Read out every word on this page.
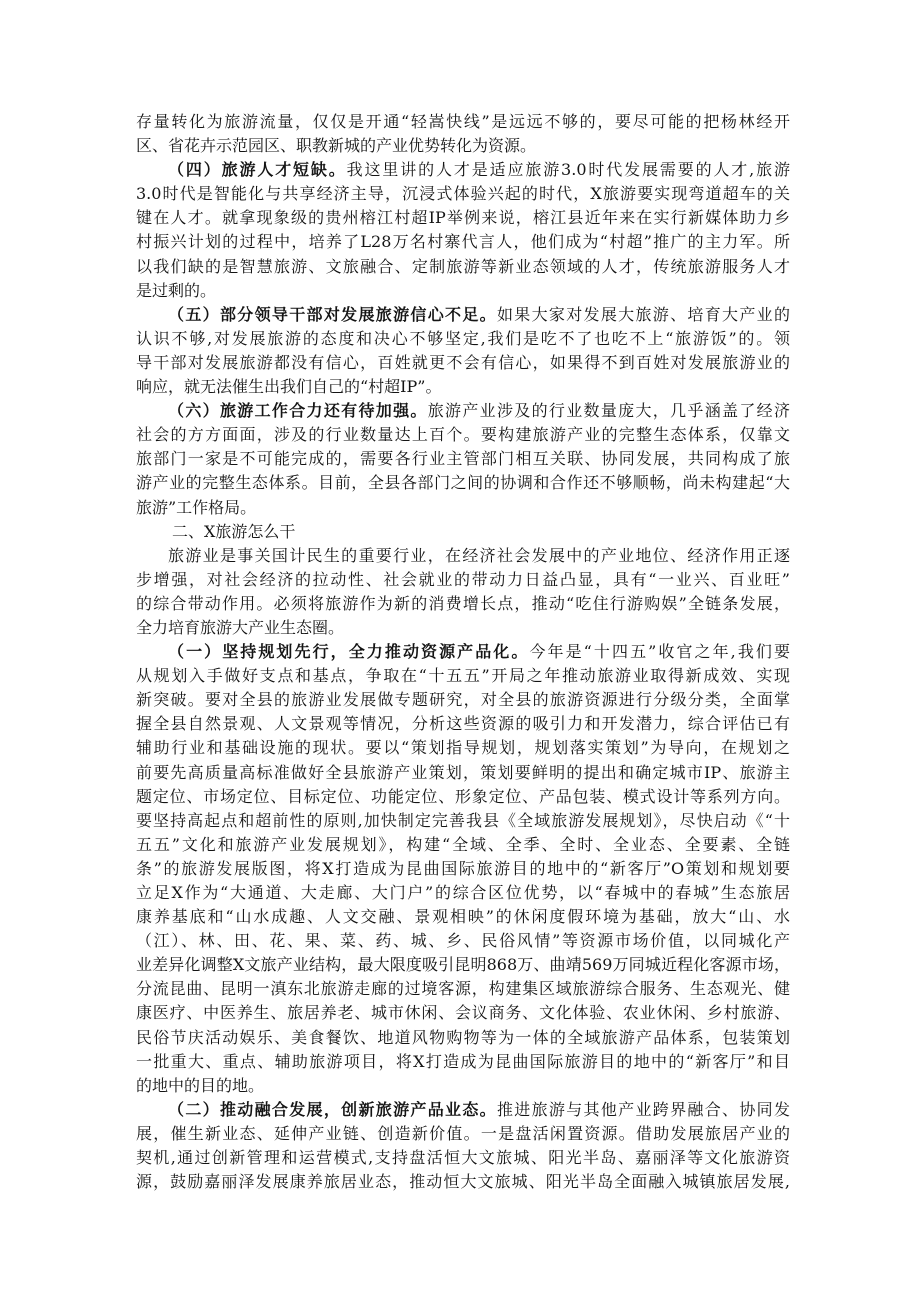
存量转化为旅游流量，仅仅是开通“轻嵩快线”是远远不够的，要尽可能的把杨林经开
区、省花卉示范园区、职教新城的产业优势转化为资源。
（四）旅游人才短缺。我这里讲的人才是适应旅游3.0时代发展需要的人才,旅游
3.0时代是智能化与共享经济主导，沉浸式体验兴起的时代，X旅游要实现弯道超车的关
键在人才。就拿现象级的贵州榕江村超IP举例来说，榕江县近年来在实行新媒体助力乡
村振兴计划的过程中，培养了L28万名村寨代言人，他们成为“村超”推广的主力军。所
以我们缺的是智慧旅游、文旅融合、定制旅游等新业态领域的人才，传统旅游服务人才
是过剩的。
（五）部分领导干部对发展旅游信心不足。如果大家对发展大旅游、培育大产业的
认识不够,对发展旅游的态度和决心不够坚定,我们是吃不了也吃不上“旅游饭”的。领
导干部对发展旅游都没有信心，百姓就更不会有信心，如果得不到百姓对发展旅游业的
响应，就无法催生出我们自己的“村超IP”。
（六）旅游工作合力还有待加强。旅游产业涉及的行业数量庞大，几乎涵盖了经济
社会的方方面面，涉及的行业数量达上百个。要构建旅游产业的完整生态体系，仅靠文
旅部门一家是不可能完成的，需要各行业主管部门相互关联、协同发展，共同构成了旅
游产业的完整生态体系。目前，全县各部门之间的协调和合作还不够顺畅，尚未构建起“大
旅游”工作格局。
二、X旅游怎么干
旅游业是事关国计民生的重要行业，在经济社会发展中的产业地位、经济作用正逐
步增强，对社会经济的拉动性、社会就业的带动力日益凸显，具有“一业兴、百业旺”
的综合带动作用。必须将旅游作为新的消费增长点，推动“吃住行游购娱”全链条发展，
全力培育旅游大产业生态圈。
（一）坚持规划先行，全力推动资源产品化。今年是“十四五”收官之年,我们要
从规划入手做好支点和基点，争取在“十五五”开局之年推动旅游业取得新成效、实现
新突破。要对全县的旅游业发展做专题研究，对全县的旅游资源进行分级分类，全面掌
握全县自然景观、人文景观等情况，分析这些资源的吸引力和开发潜力，综合评估已有
辅助行业和基础设施的现状。要以“策划指导规划，规划落实策划”为导向，在规划之
前要先高质量高标准做好全县旅游产业策划，策划要鲜明的提出和确定城市IP、旅游主
题定位、市场定位、目标定位、功能定位、形象定位、产品包装、模式设计等系列方向。
要坚持高起点和超前性的原则,加快制定完善我县《全域旅游发展规划》，尽快启动《“十
五五”文化和旅游产业发展规划》，构建“全域、全季、全时、全业态、全要素、全链
条”的旅游发展版图，将X打造成为昆曲国际旅游目的地中的“新客厅”O策划和规划要
立足X作为“大通道、大走廊、大门户”的综合区位优势，以“春城中的春城”生态旅居
康养基底和“山水成趣、人文交融、景观相映”的休闲度假环境为基础，放大“山、水
（江）、林、田、花、果、菜、药、城、乡、民俗风情”等资源市场价值，以同城化产
业差异化调整X文旅产业结构，最大限度吸引昆明868万、曲靖569万同城近程化客源市场，
分流昆曲、昆明一滇东北旅游走廊的过境客源，构建集区域旅游综合服务、生态观光、健
康医疗、中医养生、旅居养老、城市休闲、会议商务、文化体验、农业休闲、乡村旅游、
民俗节庆活动娱乐、美食餐饮、地道风物购物等为一体的全域旅游产品体系，包装策划
一批重大、重点、辅助旅游项目，将X打造成为昆曲国际旅游目的地中的“新客厅”和目
的地中的目的地。
（二）推动融合发展，创新旅游产品业态。推进旅游与其他产业跨界融合、协同发
展，催生新业态、延伸产业链、创造新价值。一是盘活闲置资源。借助发展旅居产业的
契机,通过创新管理和运营模式,支持盘活恒大文旅城、阳光半岛、嘉丽泽等文化旅游资
源，鼓励嘉丽泽发展康养旅居业态，推动恒大文旅城、阳光半岛全面融入城镇旅居发展,
